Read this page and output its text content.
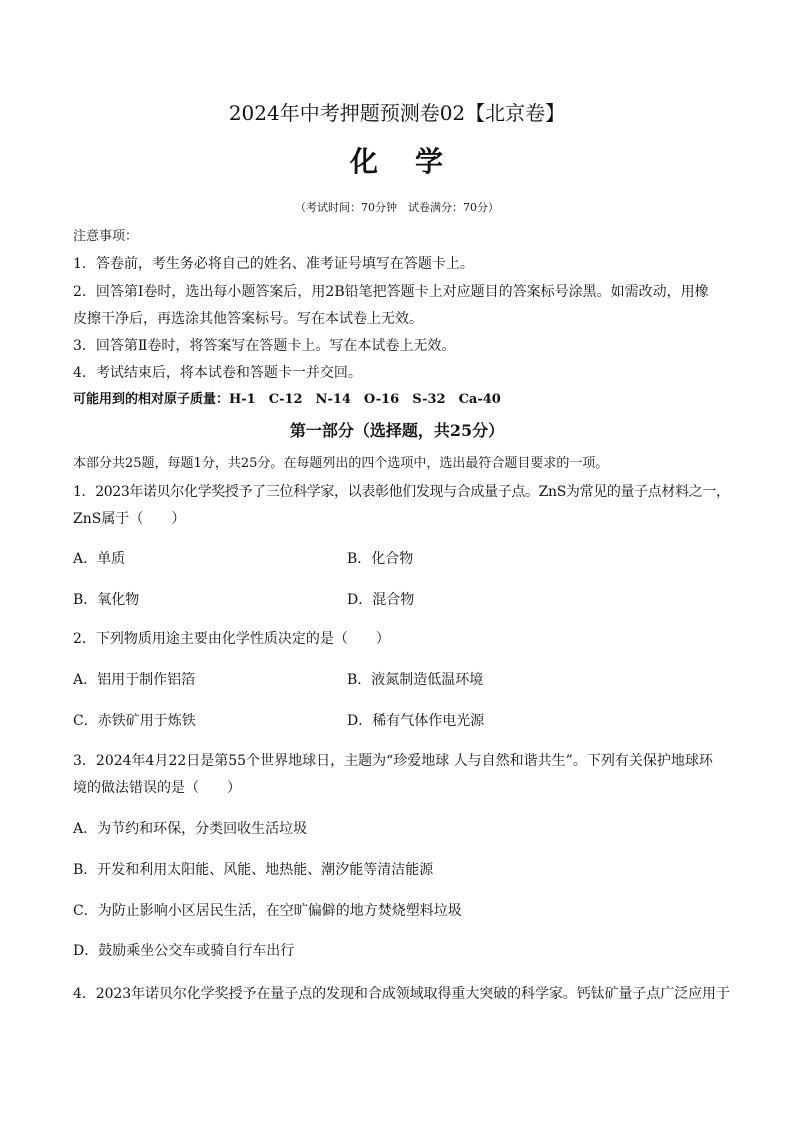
2024年中考押题预测卷02【北京卷】
化 学
（考试时间：70分钟　试卷满分：70分）
注意事项：
1．答卷前，考生务必将自己的姓名、准考证号填写在答题卡上。
2．回答第Ⅰ卷时，选出每小题答案后，用2B铅笔把答题卡上对应题目的答案标号涂黑。如需改动，用橡
皮擦干净后，再选涂其他答案标号。写在本试卷上无效。
3．回答第Ⅱ卷时，将答案写在答题卡上。写在本试卷上无效。
4．考试结束后，将本试卷和答题卡一并交回。
可能用到的相对原子质量：H-1　C-12　N-14　O-16　S-32　Ca-40
第一部分（选择题，共25分）
本部分共25题，每题1分，共25分。在每题列出的四个选项中，选出最符合题目要求的一项。
1．2023年诺贝尔化学奖授予了三位科学家，以表彰他们发现与合成量子点。ZnS为常见的量子点材料之一，
ZnS属于（　　）
A．单质	B．化合物
B．氧化物	D．混合物
2．下列物质用途主要由化学性质决定的是（　　）
A．铝用于制作铝箔	B．液氮制造低温环境
C．赤铁矿用于炼铁	D．稀有气体作电光源
3．2024年4月22日是第55个世界地球日，主题为“珍爱地球 人与自然和谐共生”。下列有关保护地球环
境的做法错误的是（　　）
A．为节约和环保，分类回收生活垃圾
B．开发和利用太阳能、风能、地热能、潮汐能等清洁能源
C．为防止影响小区居民生活，在空旷偏僻的地方焚烧塑料垃圾
D．鼓励乘坐公交车或骑自行车出行
4．2023年诺贝尔化学奖授予在量子点的发现和合成领域取得重大突破的科学家。钙钛矿量子点广泛应用于
